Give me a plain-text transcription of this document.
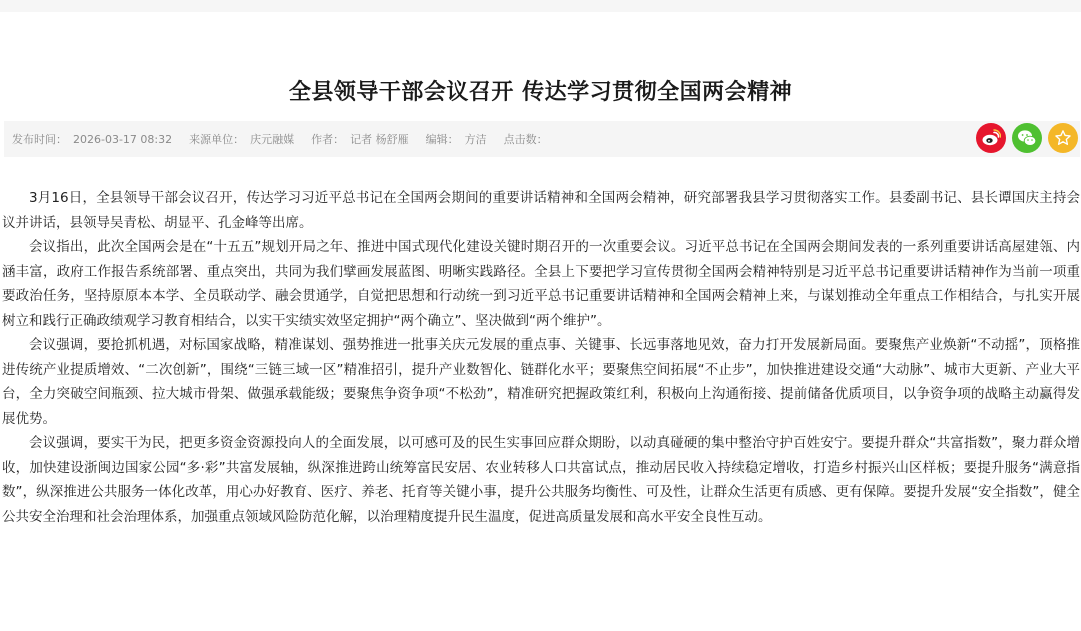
全县领导干部会议召开 传达学习贯彻全国两会精神
发布时间： 2026-03-17 08:32 来源单位： 庆元融媒 作者： 记者 杨舒雁 编辑： 方洁 点击数：

3月16日，全县领导干部会议召开，传达学习习近平总书记在全国两会期间的重要讲话精神和全国两会精神，研究部署我县学习贯彻落实工作。县委副书记、县长谭国庆主持会议并讲话，县领导吴青松、胡显平、孔金峰等出席。

会议指出，此次全国两会是在“十五五”规划开局之年、推进中国式现代化建设关键时期召开的一次重要会议。习近平总书记在全国两会期间发表的一系列重要讲话高屋建瓴、内涵丰富，政府工作报告系统部署、重点突出，共同为我们擘画发展蓝图、明晰实践路径。全县上下要把学习宣传贯彻全国两会精神特别是习近平总书记重要讲话精神作为当前一项重要政治任务，坚持原原本本学、全员联动学、融会贯通学，自觉把思想和行动统一到习近平总书记重要讲话精神和全国两会精神上来，与谋划推动全年重点工作相结合，与扎实开展树立和践行正确政绩观学习教育相结合，以实干实绩实效坚定拥护“两个确立”、坚决做到“两个维护”。

会议强调，要抢抓机遇，对标国家战略，精准谋划、强势推进一批事关庆元发展的重点事、关键事、长远事落地见效，奋力打开发展新局面。要聚焦产业焕新“不动摇”，顶格推进传统产业提质增效、“二次创新”，围绕“三链三域一区”精准招引，提升产业数智化、链群化水平；要聚焦空间拓展“不止步”，加快推进建设交通“大动脉”、城市大更新、产业大平台，全力突破空间瓶颈、拉大城市骨架、做强承载能级；要聚焦争资争项“不松劲”，精准研究把握政策红利，积极向上沟通衔接、提前储备优质项目，以争资争项的战略主动赢得发展优势。

会议强调，要实干为民，把更多资金资源投向人的全面发展，以可感可及的民生实事回应群众期盼，以动真碰硬的集中整治守护百姓安宁。要提升群众“共富指数”，聚力群众增收，加快建设浙闽边国家公园“多·彩”共富发展轴，纵深推进跨山统筹富民安居、农业转移人口共富试点，推动居民收入持续稳定增收，打造乡村振兴山区样板；要提升服务“满意指数”，纵深推进公共服务一体化改革，用心办好教育、医疗、养老、托育等关键小事，提升公共服务均衡性、可及性，让群众生活更有质感、更有保障。要提升发展“安全指数”，健全公共安全治理和社会治理体系，加强重点领域风险防范化解，以治理精度提升民生温度，促进高质量发展和高水平安全良性互动。
